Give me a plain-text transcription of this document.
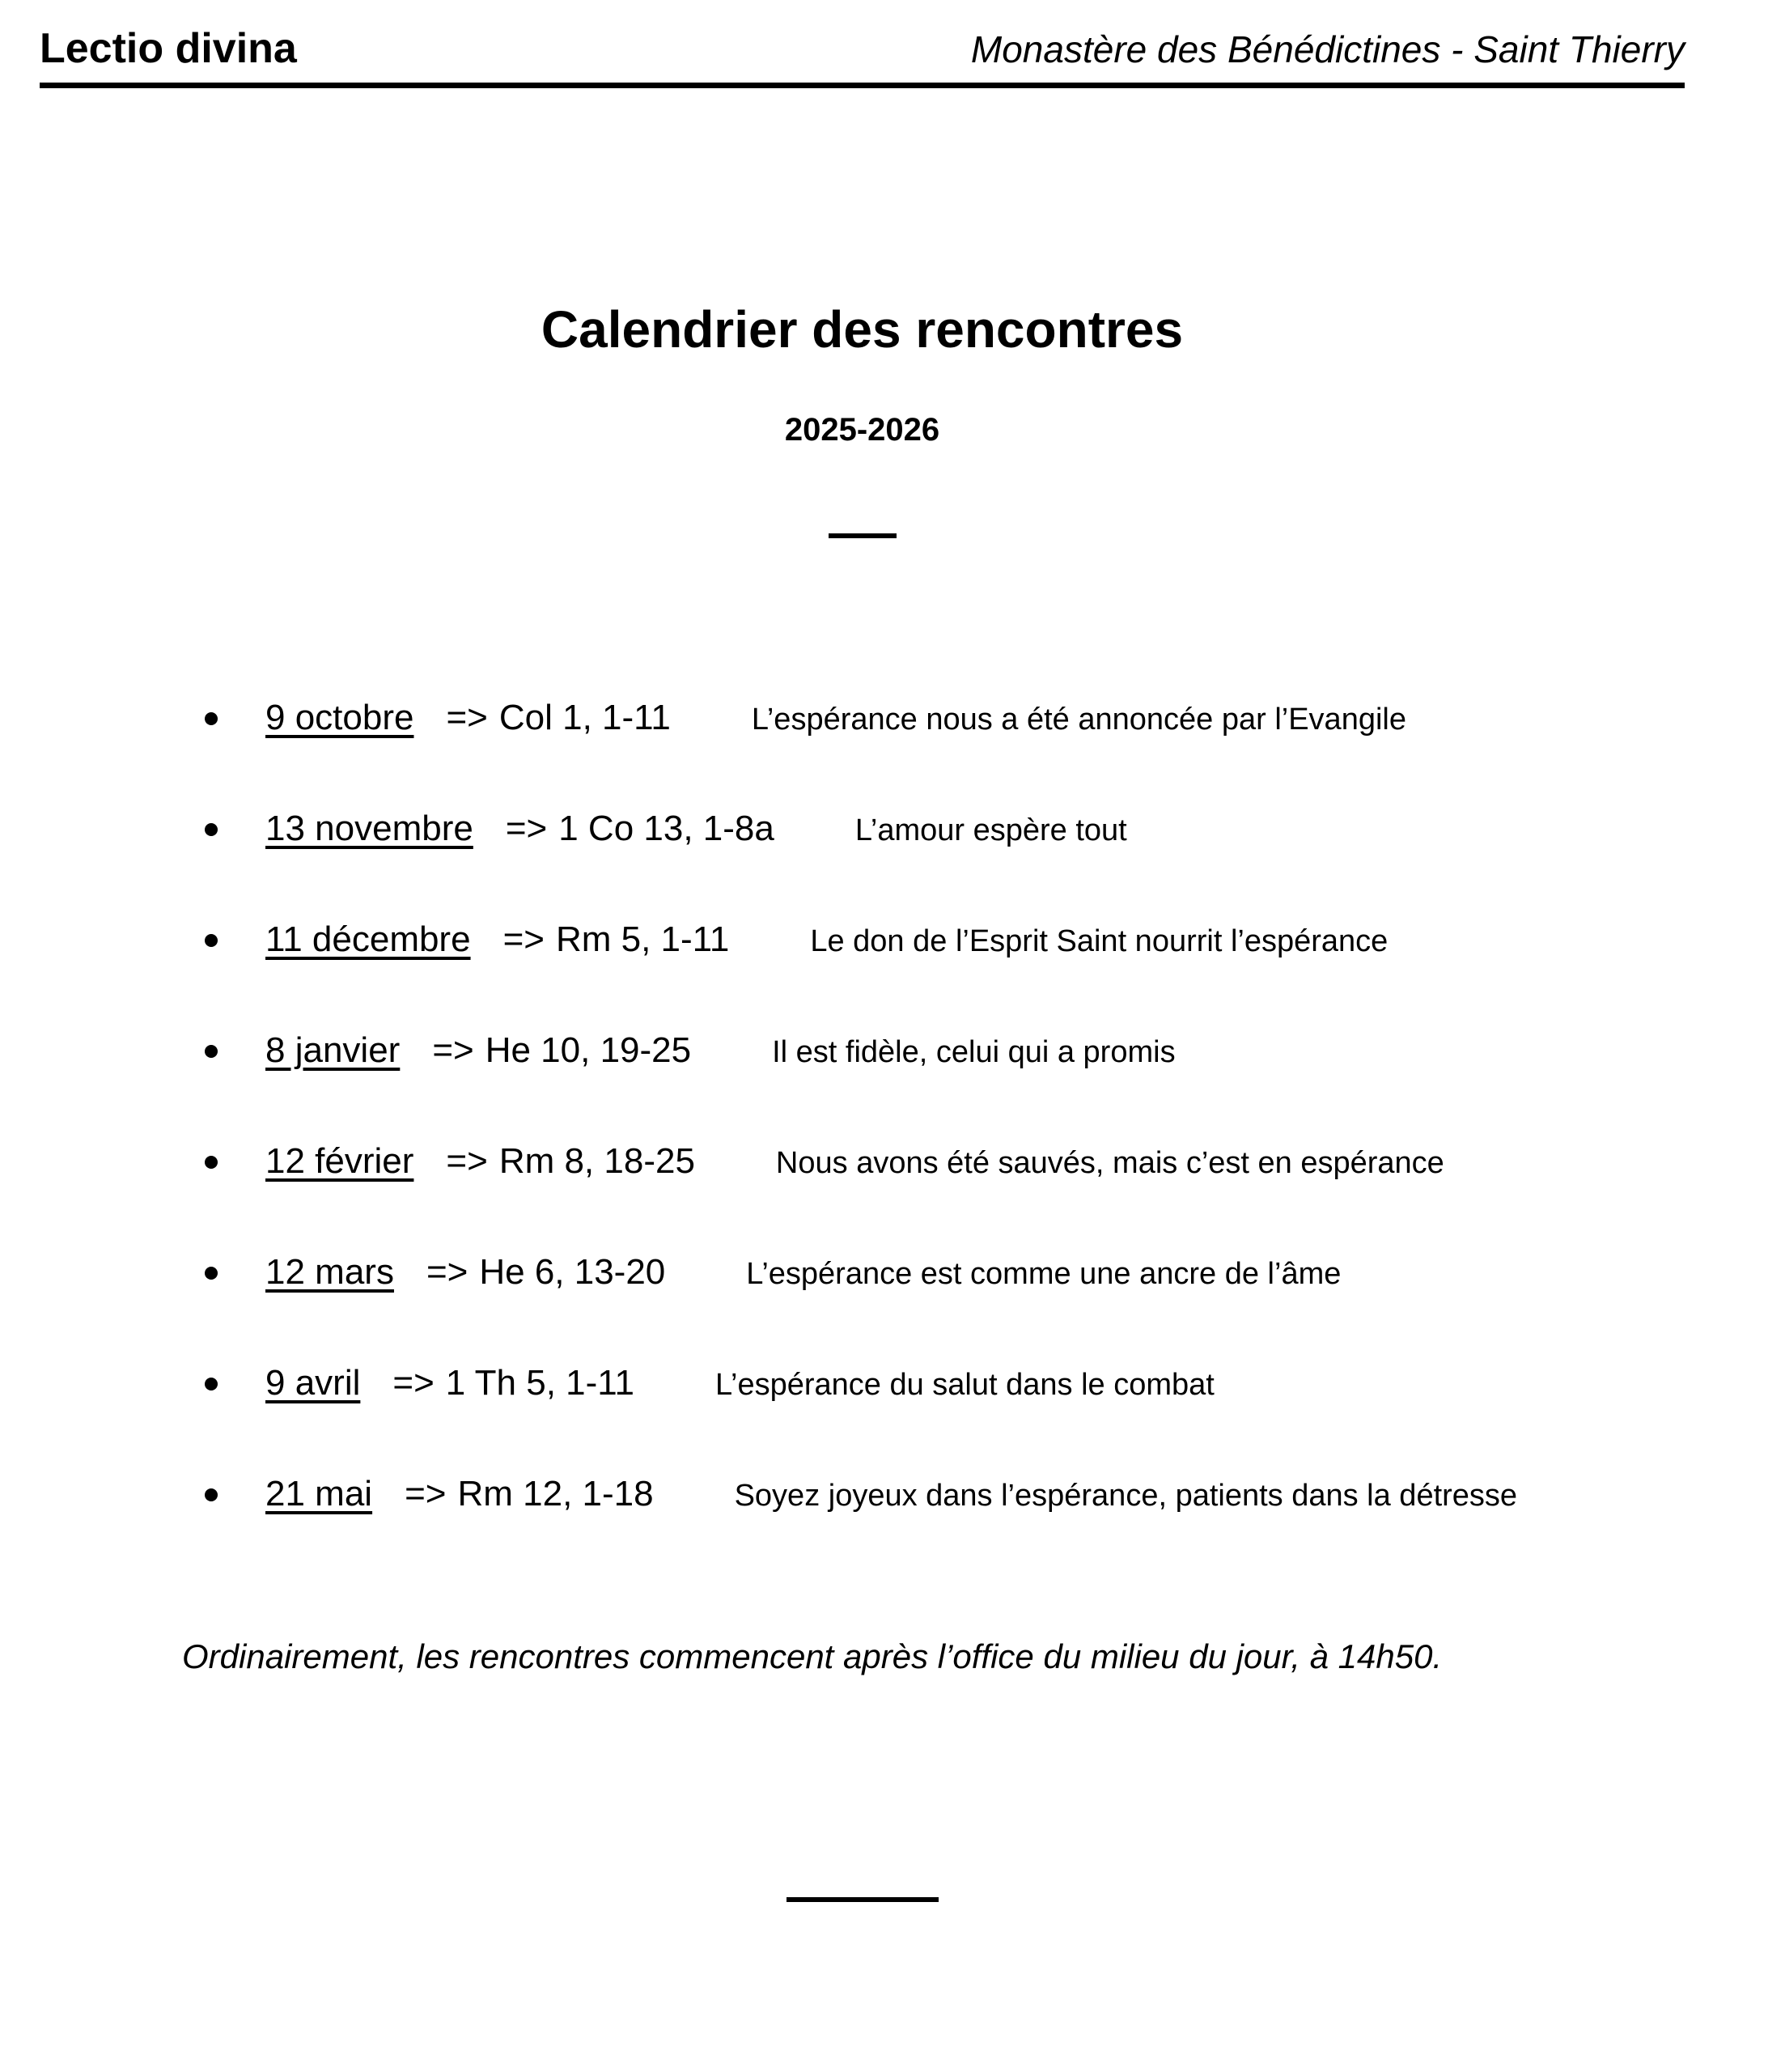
Lectio divina	Monastère des Bénédictines - Saint Thierry
Calendrier des rencontres
2025-2026
9 octobre => Col 1, 1-11	L’espérance nous a été annoncée par l’Evangile
13 novembre => 1 Co 13, 1-8a	L’amour espère tout
11 décembre => Rm 5, 1-11	Le don de l’Esprit Saint nourrit l’espérance
8 janvier => He 10, 19-25	Il est fidèle, celui qui a promis
12 février => Rm 8, 18-25	Nous avons été sauvés, mais c’est en espérance
12 mars => He 6, 13-20	L’espérance est comme une ancre de l’âme
9 avril => 1 Th 5, 1-11	L’espérance du salut dans le combat
21 mai => Rm 12, 1-18	Soyez joyeux dans l’espérance, patients dans la détresse
Ordinairement, les rencontres commencent après l’office du milieu du jour, à 14h50.
